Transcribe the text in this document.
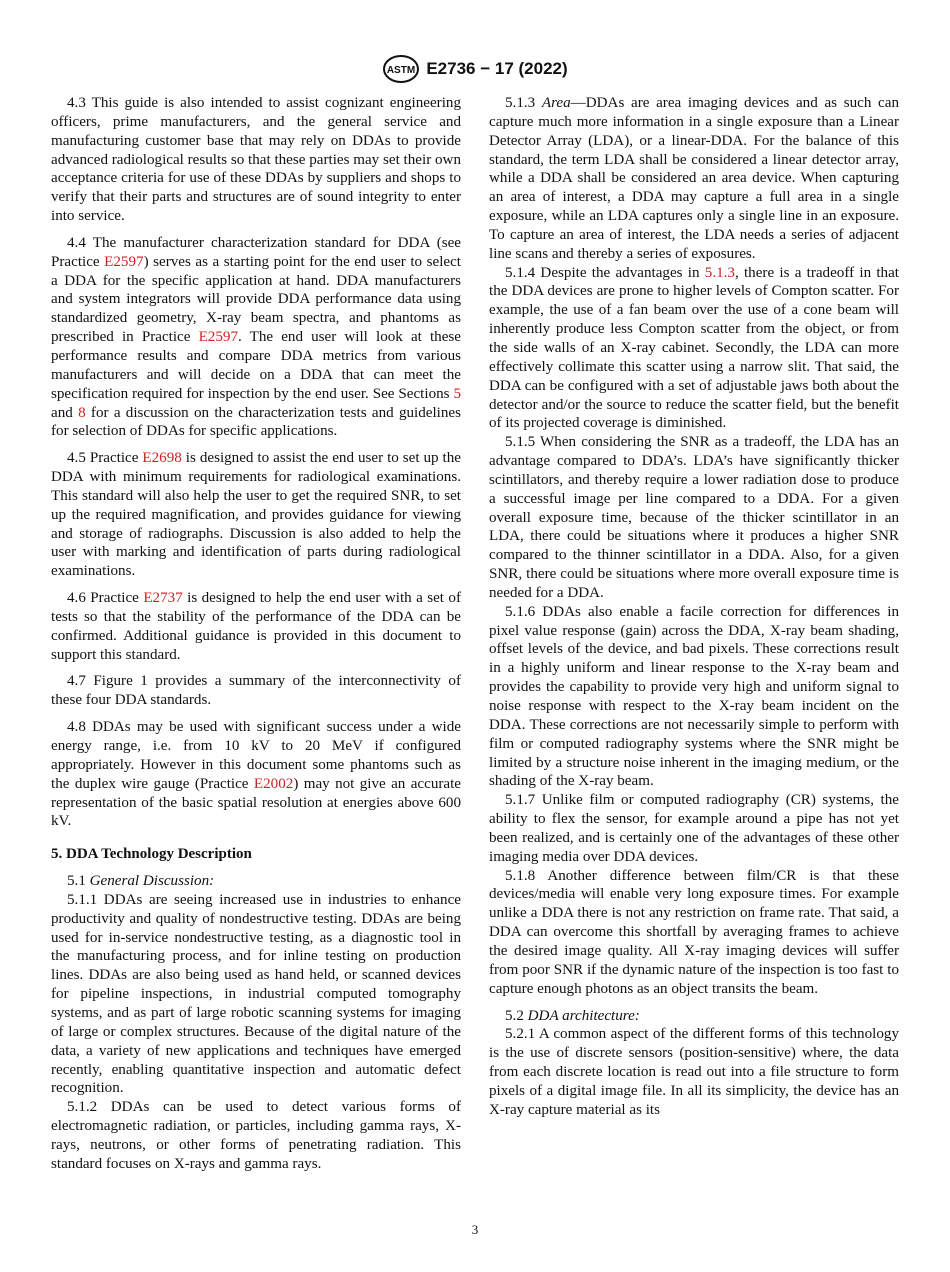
ASTM E2736 − 17 (2022)

4.3 This guide is also intended to assist cognizant engineering officers, prime manufacturers, and the general service and manufacturing customer base that may rely on DDAs to provide advanced radiological results so that these parties may set their own acceptance criteria for use of these DDAs by suppliers and shops to verify that their parts and structures are of sound integrity to enter into service.

4.4 The manufacturer characterization standard for DDA (see Practice E2597) serves as a starting point for the end user to select a DDA for the specific application at hand. DDA manufacturers and system integrators will provide DDA performance data using standardized geometry, X-ray beam spectra, and phantoms as prescribed in Practice E2597. The end user will look at these performance results and compare DDA metrics from various manufacturers and will decide on a DDA that can meet the specification required for inspection by the end user. See Sections 5 and 8 for a discussion on the characterization tests and guidelines for selection of DDAs for specific applications.

4.5 Practice E2698 is designed to assist the end user to set up the DDA with minimum requirements for radiological examinations. This standard will also help the user to get the required SNR, to set up the required magnification, and provides guidance for viewing and storage of radiographs. Discussion is also added to help the user with marking and identification of parts during radiological examinations.

4.6 Practice E2737 is designed to help the end user with a set of tests so that the stability of the performance of the DDA can be confirmed. Additional guidance is provided in this document to support this standard.

4.7 Figure 1 provides a summary of the interconnectivity of these four DDA standards.

4.8 DDAs may be used with significant success under a wide energy range, i.e. from 10 kV to 20 MeV if configured appropriately. However in this document some phantoms such as the duplex wire gauge (Practice E2002) may not give an accurate representation of the basic spatial resolution at energies above 600 kV.

5. DDA Technology Description

5.1 General Discussion:

5.1.1 DDAs are seeing increased use in industries to enhance productivity and quality of nondestructive testing. DDAs are being used for in-service nondestructive testing, as a diagnostic tool in the manufacturing process, and for inline testing on production lines. DDAs are also being used as hand held, or scanned devices for pipeline inspections, in industrial computed tomography systems, and as part of large robotic scanning systems for imaging of large or complex structures. Because of the digital nature of the data, a variety of new applications and techniques have emerged recently, enabling quantitative inspection and automatic defect recognition.

5.1.2 DDAs can be used to detect various forms of electromagnetic radiation, or particles, including gamma rays, X-rays, neutrons, or other forms of penetrating radiation. This standard focuses on X-rays and gamma rays.

5.1.3 Area—DDAs are area imaging devices and as such can capture much more information in a single exposure than a Linear Detector Array (LDA), or a linear-DDA. For the balance of this standard, the term LDA shall be considered a linear detector array, while a DDA shall be considered an area device. When capturing an area of interest, a DDA may capture a full area in a single exposure, while an LDA captures only a single line in an exposure. To capture an area of interest, the LDA needs a series of adjacent line scans and thereby a series of exposures.

5.1.4 Despite the advantages in 5.1.3, there is a tradeoff in that the DDA devices are prone to higher levels of Compton scatter. For example, the use of a fan beam over the use of a cone beam will inherently produce less Compton scatter from the object, or from the side walls of an X-ray cabinet. Secondly, the LDA can more effectively collimate this scatter using a narrow slit. That said, the DDA can be configured with a set of adjustable jaws both about the detector and/or the source to reduce the scatter field, but the benefit of its projected coverage is diminished.

5.1.5 When considering the SNR as a tradeoff, the LDA has an advantage compared to DDA’s. LDA’s have significantly thicker scintillators, and thereby require a lower radiation dose to produce a successful image per line compared to a DDA. For a given overall exposure time, because of the thicker scintillator in an LDA, there could be situations where it produces a higher SNR compared to the thinner scintillator in a DDA. Also, for a given SNR, there could be situations where more overall exposure time is needed for a DDA.

5.1.6 DDAs also enable a facile correction for differences in pixel value response (gain) across the DDA, X-ray beam shading, offset levels of the device, and bad pixels. These corrections result in a highly uniform and linear response to the X-ray beam and provides the capability to provide very high and uniform signal to noise response with respect to the X-ray beam incident on the DDA. These corrections are not necessarily simple to perform with film or computed radiography systems where the SNR might be limited by a structure noise inherent in the imaging medium, or the shading of the X-ray beam.

5.1.7 Unlike film or computed radiography (CR) systems, the ability to flex the sensor, for example around a pipe has not yet been realized, and is certainly one of the advantages of these other imaging media over DDA devices.

5.1.8 Another difference between film/CR is that these devices/media will enable very long exposure times. For example unlike a DDA there is not any restriction on frame rate. That said, a DDA can overcome this shortfall by averaging frames to achieve the desired image quality. All X-ray imaging devices will suffer from poor SNR if the dynamic nature of the inspection is too fast to capture enough photons as an object transits the beam.

5.2 DDA architecture:

5.2.1 A common aspect of the different forms of this technology is the use of discrete sensors (position-sensitive) where, the data from each discrete location is read out into a file structure to form pixels of a digital image file. In all its simplicity, the device has an X-ray capture material as its

3
